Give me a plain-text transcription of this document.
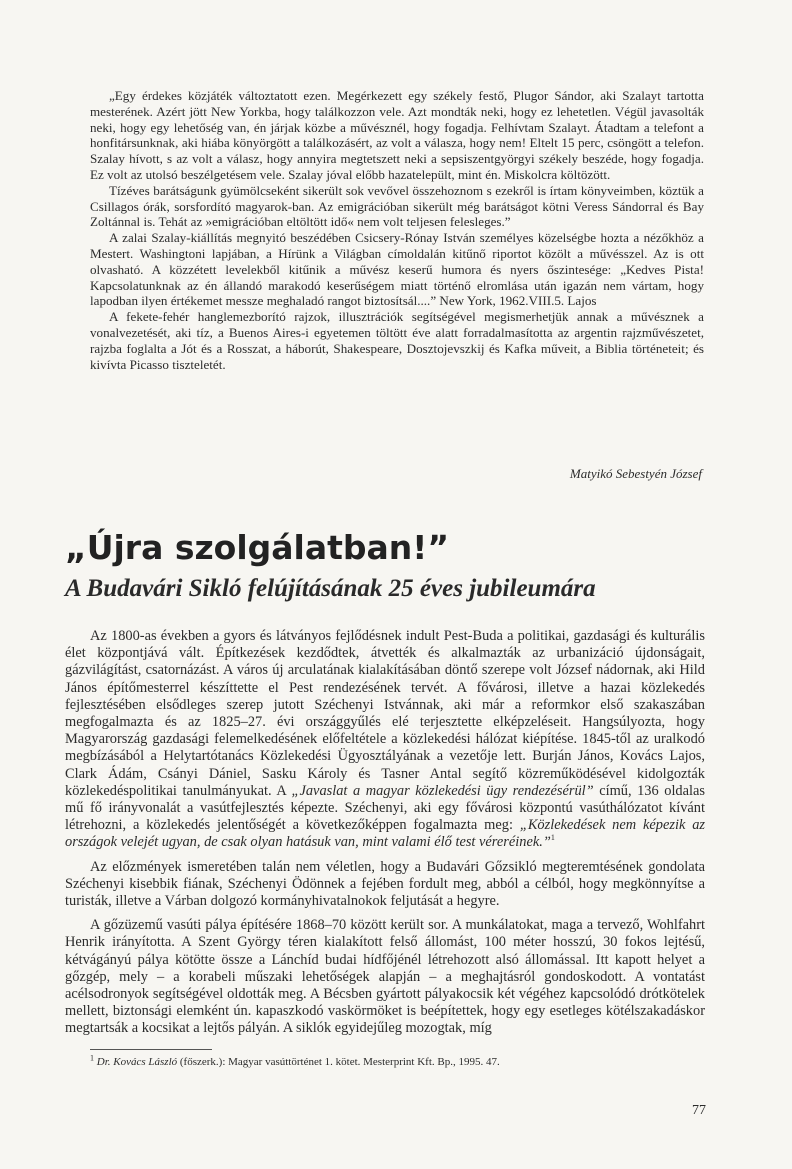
„Egy érdekes közjáték változtatott ezen. Megérkezett egy székely festő, Plugor Sándor, aki Szalayt tartotta mesterének. Azért jött New Yorkba, hogy találkozzon vele. Azt mondták neki, hogy ez lehetetlen. Végül javasolták neki, hogy egy lehetőség van, én járjak közbe a művésznél, hogy fogadja. Felhívtam Szalayt. Átadtam a telefont a honfitársunknak, aki hiába könyörgött a találkozásért, az volt a válasza, hogy nem! Eltelt 15 perc, csöngött a telefon. Szalay hívott, s az volt a válasz, hogy annyira megtetszett neki a sepsiszentgyörgyi székely beszéde, hogy fogadja. Ez volt az utolsó beszélgetésem vele. Szalay jóval előbb hazatelepült, mint én. Miskolcra költözött.

Tízéves barátságunk gyümölcseként sikerült sok vevővel összehoznom s ezekről is írtam könyveimben, köztük a Csillagos órák, sorsfordító magyarok-ban. Az emigrációban sikerült még barátságot kötni Veress Sándorral és Bay Zoltánnal is. Tehát az »emigrációban eltöltött idő« nem volt teljesen felesleges.”

A zalai Szalay-kiállítás megnyitó beszédében Csicsery-Rónay István személyes közelségbe hozta a nézőkhöz a Mestert. Washingtoni lapjában, a Hírünk a Világban címoldalán kitűnő riportot közölt a művésszel. Az is ott olvasható. A közzétett levelekből kitűnik a művész keserű humora és nyers őszintesége: „Kedves Pista! Kapcsolatunknak az én állandó marakodó keserűségem miatt történő elromlása után igazán nem vártam, hogy lapodban ilyen értékemet messze meghaladó rangot biztosítsál....” New York, 1962.VIII.5. Lajos

A fekete-fehér hanglemezborító rajzok, illusztrációk segítségével megismerhetjük annak a művésznek a vonalvezetését, aki tíz, a Buenos Aires-i egyetemen töltött éve alatt forradalmasította az argentin rajzművészetet, rajzba foglalta a Jót és a Rosszat, a háborút, Shakespeare, Dosztojevszkij és Kafka műveit, a Biblia történeteit; és kivívta Picasso tiszteletét.

Matyikó Sebestyén József
„Újra szolgálatban!”
A Budavári Sikló felújításának 25 éves jubileumára

Az 1800-as években a gyors és látványos fejlődésnek indult Pest-Buda a politikai, gazdasági és kulturális élet központjává vált. Építkezések kezdődtek, átvették és alkalmazták az urbanizáció újdonságait, gázvilágítást, csatornázást. A város új arculatának kialakításában döntő szerepe volt József nádornak, aki Hild János építőmesterrel készíttette el Pest rendezésének tervét. A fővárosi, illetve a hazai közlekedés fejlesztésében elsődleges szerep jutott Széchenyi Istvánnak, aki már a reformkor első szakaszában megfogalmazta és az 1825–27. évi országgyűlés elé terjesztette elképzeléseit. Hangsúlyozta, hogy Magyarország gazdasági felemelkedésének előfeltétele a közlekedési hálózat kiépítése. 1845-től az uralkodó megbízásából a Helytartótanács Közlekedési Ügyosztályának a vezetője lett. Burján János, Kovács Lajos, Clark Ádám, Csányi Dániel, Sasku Károly és Tasner Antal segítő közreműködésével kidolgozták közlekedéspolitikai tanulmányukat. A „Javaslat a magyar közlekedési ügy rendezésérül” című, 136 oldalas mű fő irányvonalát a vasútfejlesztés képezte. Széchenyi, aki egy fővárosi központú vasúthálózatot kívánt létrehozni, a közlekedés jelentőségét a következőképpen fogalmazta meg: „Közlekedések nem képezik az országok velejét ugyan, de csak olyan hatásuk van, mint valami élő test véreréinek.”$^1$

Az előzmények ismeretében talán nem véletlen, hogy a Budavári Gőzsikló megteremtésének gondolata Széchenyi kisebbik fiának, Széchenyi Ödönnek a fejében fordult meg, abból a célból, hogy megkönnyítse a turisták, illetve a Várban dolgozó kormányhivatalnokok feljutását a hegyre.

A gőzüzemű vasúti pálya építésére 1868–70 között került sor. A munkálatokat, maga a tervező, Wohlfahrt Henrik irányította. A Szent György téren kialakított felső állomást, 100 méter hosszú, 30 fokos lejtésű, kétvágányú pálya kötötte össze a Lánchíd budai hídfőjénél létrehozott alsó állomással. Itt kapott helyet a gőzgép, mely – a korabeli műszaki lehetőségek alapján – a meghajtásról gondoskodott. A vontatást acélsodronyok segítségével oldották meg. A Bécsben gyártott pályakocsik két végéhez kapcsolódó drótkötelek mellett, biztonsági elemként ún. kapaszkodó vaskörmöket is beépítettek, hogy egy esetleges kötélszakadáskor megtartsák a kocsikat a lejtős pályán. A siklók egyidejűleg mozogtak, míg

$^1$ Dr. Kovács László (főszerk.): Magyar vasúttörténet 1. kötet. Mesterprint Kft. Bp., 1995. 47.
77
